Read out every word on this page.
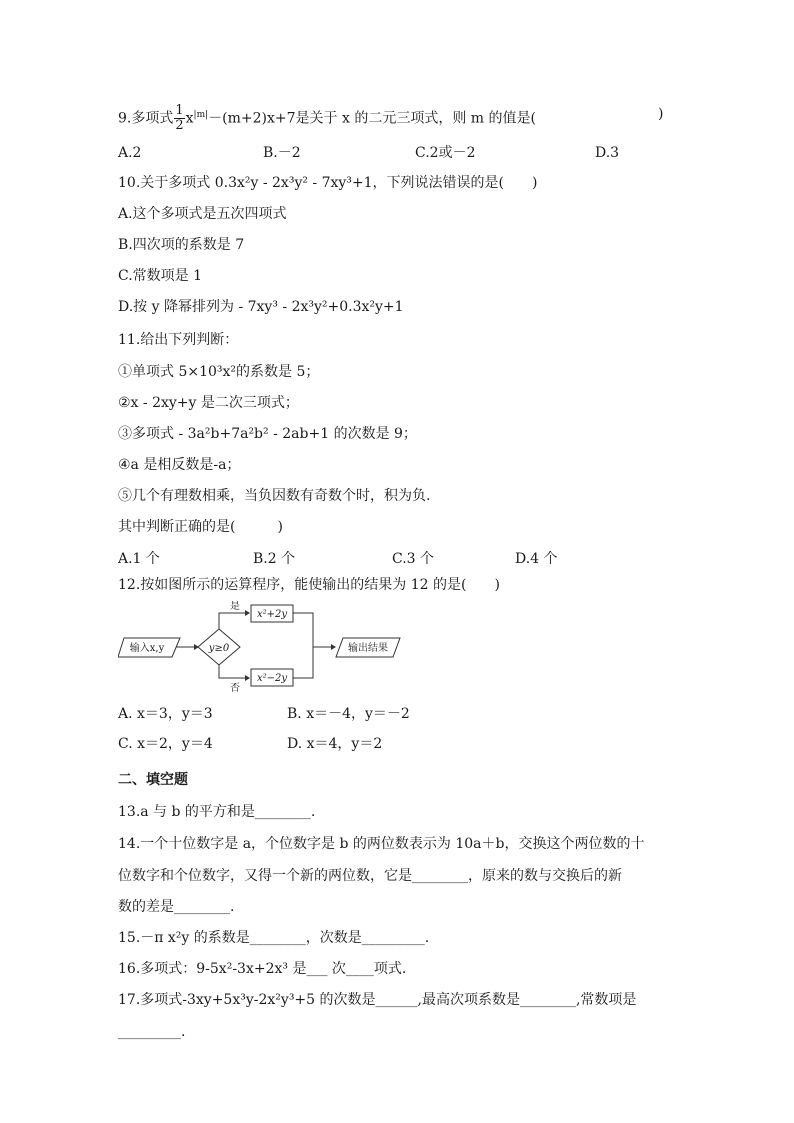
9.多项式 $\frac{1}{2} x^{|m|}-(m+2)x+7$是关于 x 的二元三项式，则 m 的值是(	)
A.2	B.－2	C.2或－2	D.3
10.关于多项式 0.3x²y - 2x³y² - 7xy³+1，下列说法错误的是(　　)
A.这个多项式是五次四项式
B.四次项的系数是 7
C.常数项是 1
D.按 y 降幂排列为 - 7xy³ - 2x³y²+0.3x²y+1
11.给出下列判断：
①单项式 5×10³x²的系数是 5；
②x - 2xy+y 是二次三项式；
③多项式 - 3a²b+7a²b² - 2ab+1 的次数是 9；
④a 是相反数是-a；
⑤几个有理数相乘，当负因数有奇数个时，积为负.
其中判断正确的是(　　　)
A.1 个	B.2 个	C.3 个	D.4 个
12.按如图所示的运算程序，能使输出的结果为 12 的是(　　)
输入x,y	y≥0
是
x²+2y
否
x²−2y
输出结果
A. x＝3，y＝3	B. x＝－4，y＝－2
C. x＝2，y＝4	D. x＝4，y＝2
二、填空题
13.a 与 b 的平方和是________.
14.一个十位数字是 a，个位数字是 b 的两位数表示为 10a＋b，交换这个两位数的十
位数字和个位数字，又得一个新的两位数，它是________，原来的数与交换后的新
数的差是________.
15.－π x²y 的系数是________，次数是_________.
16.多项式：9-5x²-3x+2x³ 是___ 次____项式.
17.多项式-3xy+5x³y-2x²y³+5 的次数是______,最高次项系数是________,常数项是
_________.
